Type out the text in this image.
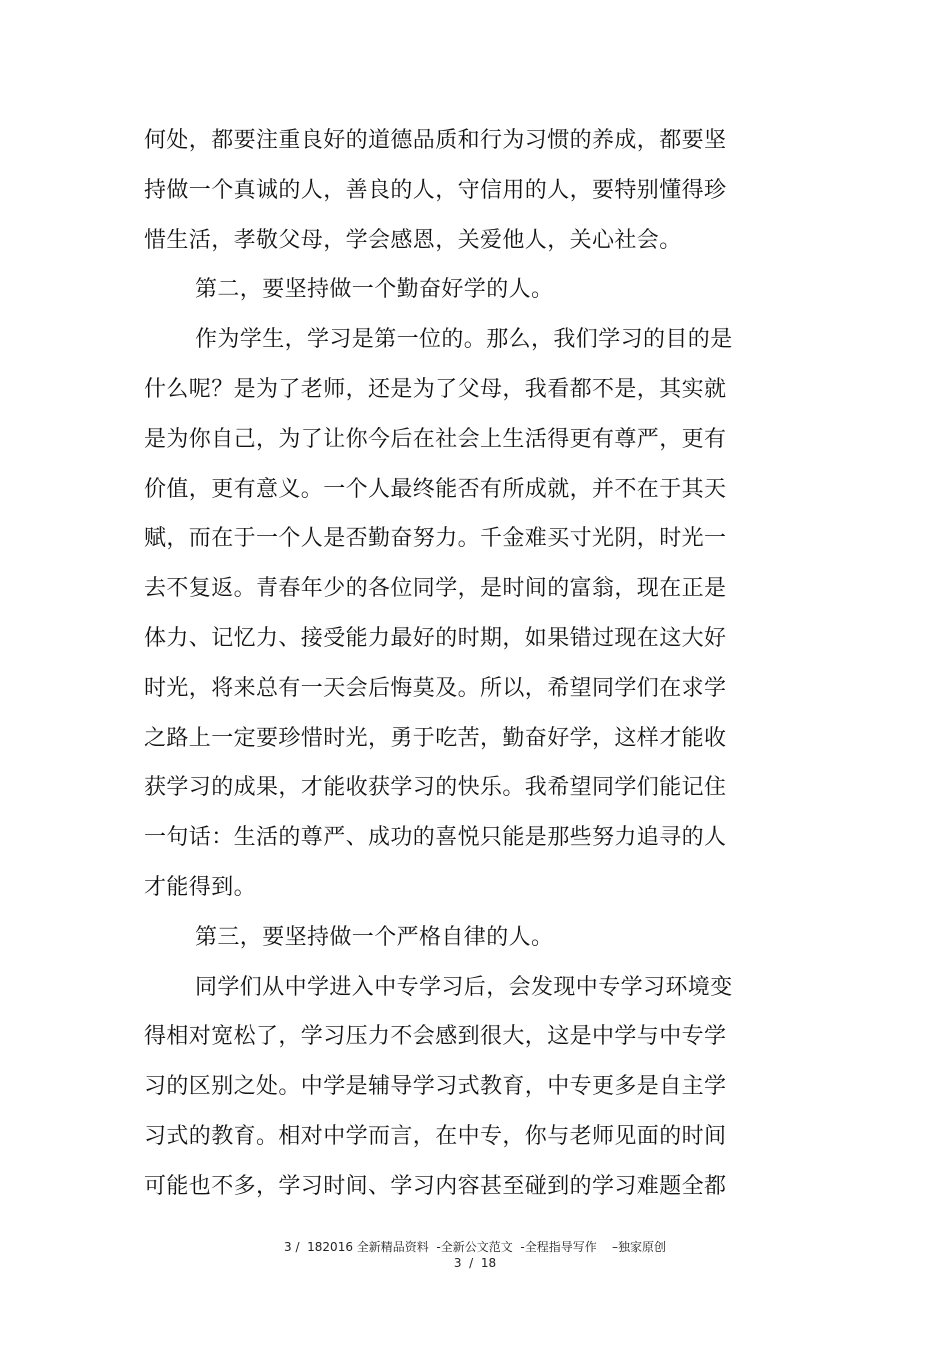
何处，都要注重良好的道德品质和行为习惯的养成，都要坚
持做一个真诚的人，善良的人，守信用的人，要特别懂得珍
惜生活，孝敬父母，学会感恩，关爱他人，关心社会。
第二，要坚持做一个勤奋好学的人。
作为学生，学习是第一位的。那么，我们学习的目的是
什么呢？是为了老师，还是为了父母，我看都不是，其实就
是为你自己，为了让你今后在社会上生活得更有尊严，更有
价值，更有意义。一个人最终能否有所成就，并不在于其天
赋，而在于一个人是否勤奋努力。千金难买寸光阴，时光一
去不复返。青春年少的各位同学，是时间的富翁，现在正是
体力、记忆力、接受能力最好的时期，如果错过现在这大好
时光，将来总有一天会后悔莫及。所以，希望同学们在求学
之路上一定要珍惜时光，勇于吃苦，勤奋好学，这样才能收
获学习的成果，才能收获学习的快乐。我希望同学们能记住
一句话：生活的尊严、成功的喜悦只能是那些努力追寻的人
才能得到。
第三，要坚持做一个严格自律的人。
同学们从中学进入中专学习后，会发现中专学习环境变
得相对宽松了，学习压力不会感到很大，这是中学与中专学
习的区别之处。中学是辅导学习式教育，中专更多是自主学
习式的教育。相对中学而言，在中专，你与老师见面的时间
可能也不多，学习时间、学习内容甚至碰到的学习难题全都
3 /  182016 全新精品资料  -全新公文范文  -全程指导写作    –独家原创
3  /  18
